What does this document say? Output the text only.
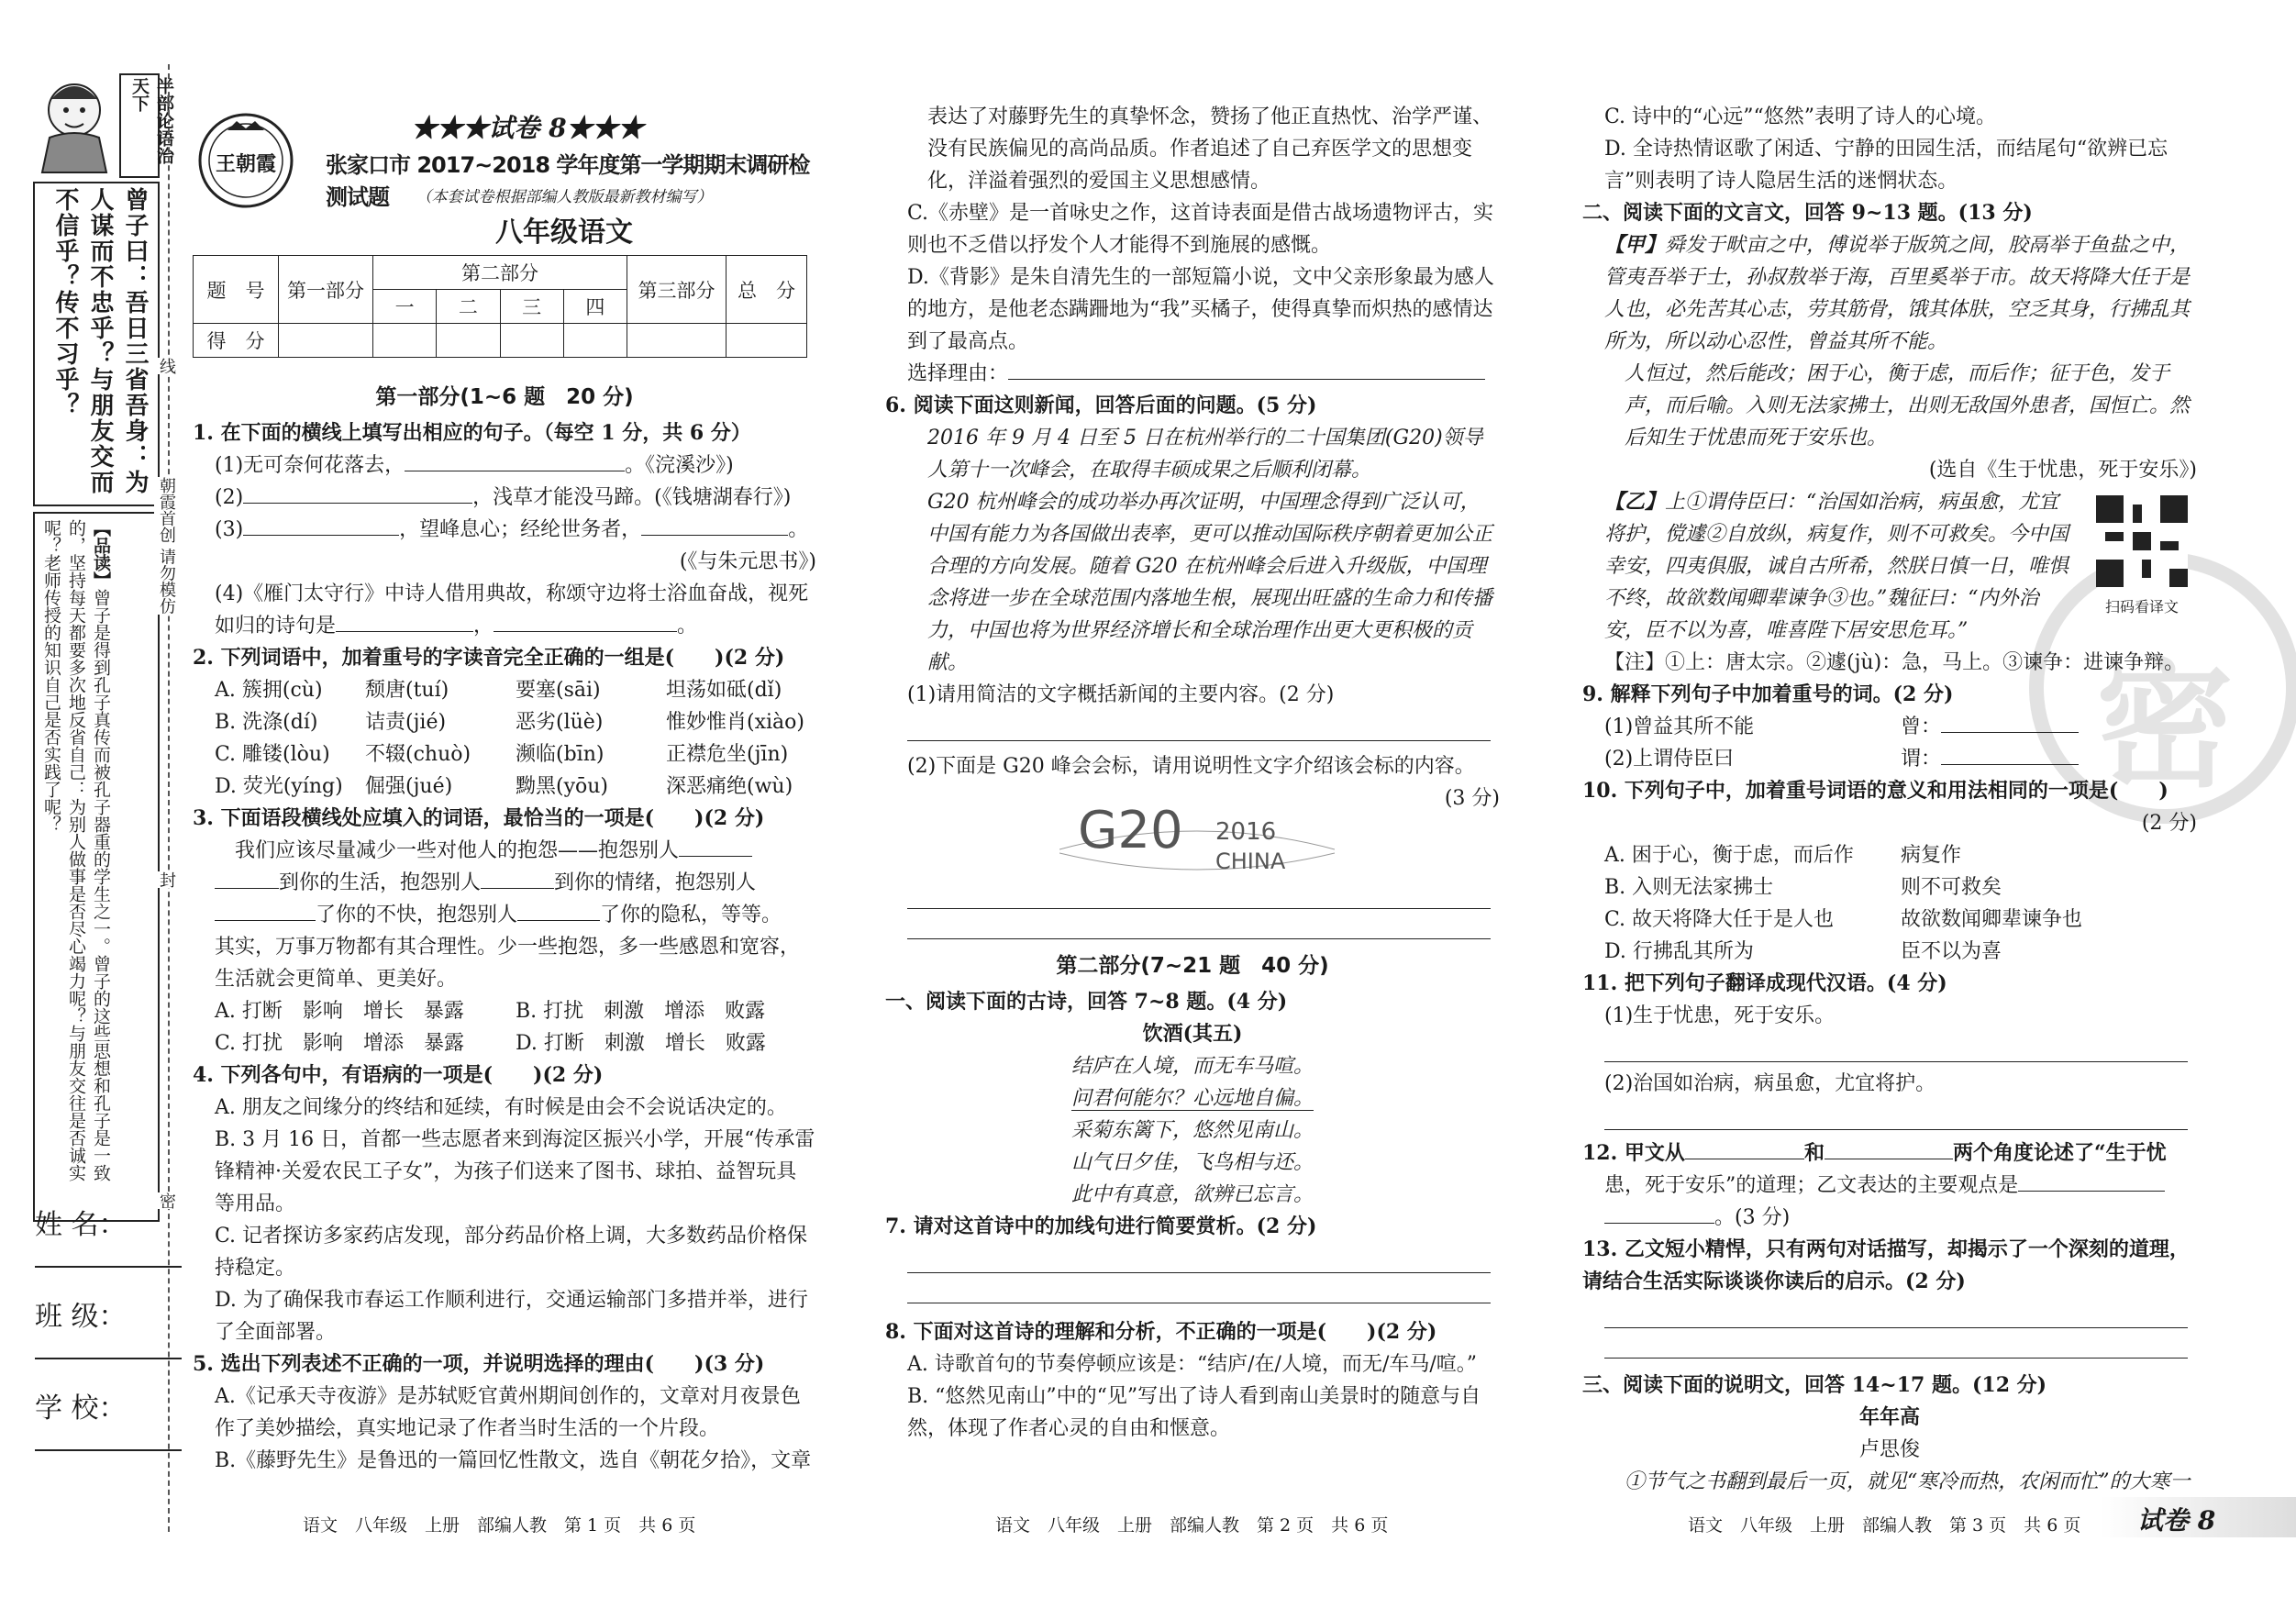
半部论语治天下
曾子曰：吾日三省吾身：为人谋而不忠乎？与朋友交而不信乎？传不习乎？
【品读】曾子是得到孔子真传而被孔子器重的学生之一。曾子的这些思想和孔子是一致的，坚持每天都要多次地反省自己：为别人做事是否尽心竭力呢？与朋友交往是否诚实呢？老师传授的知识自己是否实践了呢？
姓 名：
班 级：
学 校：
线
朝霞首创 请勿模仿
封
密
王朝霞
★★★试卷 8★★★
张家口市 2017~2018 学年度第一学期期末调研检测试题	（本套试卷根据部编人教版最新教材编写）
八年级语文
题　号	第一部分	第二部分				第三部分	总　分
		一	二	三	四		
得　分							
第一部分(1~6 题　20 分)

1. 在下面的横线上填写出相应的句子。（每空 1 分，共 6 分）

(1)无可奈何花落去，	。《浣溪沙》)

(2)	，浅草才能没马蹄。(《钱塘湖春行》)

(3)	，望峰息心；经纶世务者，	。

(《与朱元思书》)

(4)《雁门太守行》中诗人借用典故，称颂守边将士浴血奋战，视死如归的诗句是	，	。

2. 下列词语中，加着重号的字读音完全正确的一组是(　　)(2 分)

A. 簇拥(cù)	颓唐(tuí)	要塞(sāi)	坦荡如砥(dǐ)
B. 洗涤(dí)	诘责(jié)	恶劣(lüè)	惟妙惟肖(xiào)
C. 雕镂(lòu)	不辍(chuò)	濒临(bīn)	正襟危坐(jīn)
D. 荧光(yíng)	倔强(jué)	黝黑(yōu)	深恶痛绝(wù)

3. 下面语段横线处应填入的词语，最恰当的一项是(　　)(2 分)

我们应该尽量减少一些对他人的抱怨——抱怨别人

到你的生活，抱怨别人	到你的情绪，抱怨别人

了你的不快，抱怨别人	了你的隐私，等等。

其实，万事万物都有其合理性。少一些抱怨，多一些感恩和宽容，生活就会更简单、更美好。

A. 打断　影响　增长　暴露	B. 打扰　刺激　增添　败露
C. 打扰　影响　增添　暴露	D. 打断　刺激　增长　败露

4. 下列各句中，有语病的一项是(　　)(2 分)

A. 朋友之间缘分的终结和延续，有时候是由会不会说话决定的。

B. 3 月 16 日，首都一些志愿者来到海淀区振兴小学，开展“传承雷锋精神·关爱农民工子女”，为孩子们送来了图书、球拍、益智玩具等用品。

C. 记者探访多家药店发现，部分药品价格上调，大多数药品价格保持稳定。

D. 为了确保我市春运工作顺利进行，交通运输部门多措并举，进行了全面部署。

5. 选出下列表述不正确的一项，并说明选择的理由(　　)(3 分)

A.《记承天寺夜游》是苏轼贬官黄州期间创作的，文章对月夜景色作了美妙描绘，真实地记录了作者当时生活的一个片段。

B.《藤野先生》是鲁迅的一篇回忆性散文，选自《朝花夕拾》，文章

表达了对藤野先生的真挚怀念，赞扬了他正直热忱、治学严谨、没有民族偏见的高尚品质。作者追述了自己弃医学文的思想变化，洋溢着强烈的爱国主义思想感情。

C.《赤壁》是一首咏史之作，这首诗表面是借古战场遗物评古，实则也不乏借以抒发个人才能得不到施展的感慨。

D.《背影》是朱自清先生的一部短篇小说，文中父亲形象最为感人的地方，是他老态蹒跚地为“我”买橘子，使得真挚而炽热的感情达到了最高点。

选择理由：

6. 阅读下面这则新闻，回答后面的问题。(5 分)

2016 年 9 月 4 日至 5 日在杭州举行的二十国集团(G20)领导人第十一次峰会，在取得丰硕成果之后顺利闭幕。

G20 杭州峰会的成功举办再次证明，中国理念得到广泛认可，中国有能力为各国做出表率，更可以推动国际秩序朝着更加公正合理的方向发展。随着 G20 在杭州峰会后进入升级版，中国理念将进一步在全球范围内落地生根，展现出旺盛的生命力和传播力，中国也将为世界经济增长和全球治理作出更大更积极的贡献。

(1)请用简洁的文字概括新闻的主要内容。(2 分)

(2)下面是 G20 峰会会标，请用说明性文字介绍该会标的内容。

(3 分)

G20 2016
CHINA
第二部分(7~21 题　40 分)

一、阅读下面的古诗，回答 7~8 题。(4 分)

饮酒(其五)

结庐在人境，而无车马喧。

问君何能尔？心远地自偏。

采菊东篱下，悠然见南山。

山气日夕佳，飞鸟相与还。

此中有真意，欲辨已忘言。

7. 请对这首诗中的加线句进行简要赏析。(2 分)

8. 下面对这首诗的理解和分析，不正确的一项是(　　)(2 分)

A. 诗歌首句的节奏停顿应该是：“结庐/在/人境，而无/车马/喧。”

B. “悠然见南山”中的“见”写出了诗人看到南山美景时的随意与自然，体现了作者心灵的自由和惬意。

密

C. 诗中的“心远”“悠然”表明了诗人的心境。

D. 全诗热情讴歌了闲适、宁静的田园生活，而结尾句“欲辨已忘言”则表明了诗人隐居生活的迷惘状态。

二、阅读下面的文言文，回答 9~13 题。(13 分)

【甲】舜发于畎亩之中，傅说举于版筑之间，胶鬲举于鱼盐之中，管夷吾举于士，孙叔敖举于海，百里奚举于市。故天将降大任于是人也，必先苦其心志，劳其筋骨，饿其体肤，空乏其身，行拂乱其所为，所以动心忍性，曾益其所不能。

人恒过，然后能改；困于心，衡于虑，而后作；征于色，发于声，而后喻。入则无法家拂士，出则无敌国外患者，国恒亡。然后知生于忧患而死于安乐也。

(选自《生于忧患，死于安乐》)

【乙】上①谓侍臣曰：“治国如治病，病虽愈，尤宜将护，傥遽②自放纵，病复作，则不可救矣。今中国幸安，四夷俱服，诚自古所希，然朕日慎一日，唯惧不终，故欲数闻卿辈谏争③也。”魏征曰：“内外治安，臣不以为喜，唯喜陛下居安思危耳。”

扫码看译文

【注】①上：唐太宗。②遽(jù)：急，马上。③谏争：进谏争辩。

9. 解释下列句子中加着重号的词。(2 分)

(1)曾益其所不能	曾：
(2)上谓侍臣曰	谓：

10. 下列句子中，加着重号词语的意义和用法相同的一项是(　　)

(2 分)

A. 困于心，衡于虑，而后作	病复作
B. 入则无法家拂士	则不可救矣
C. 故天将降大任于是人也	故欲数闻卿辈谏争也
D. 行拂乱其所为	臣不以为喜

11. 把下列句子翻译成现代汉语。(4 分)

(1)生于忧患，死于安乐。

(2)治国如治病，病虽愈，尤宜将护。

12. 甲文从	和	两个角度论述了“生于忧

患，死于安乐”的道理；乙文表达的主要观点是

。(3 分)

13. 乙文短小精悍，只有两句对话描写，却揭示了一个深刻的道理，请结合生活实际谈谈你读后的启示。(2 分)

三、阅读下面的说明文，回答 14~17 题。(12 分)

年年高

卢思俊

①节气之书翻到最后一页，就见“寒冷而热，农闲而忙”的大寒一

语文　八年级　上册　部编人教　第 1 页　共 6 页	语文　八年级　上册　部编人教　第 2 页　共 6 页	语文　八年级　上册　部编人教　第 3 页　共 6 页 试卷 8
